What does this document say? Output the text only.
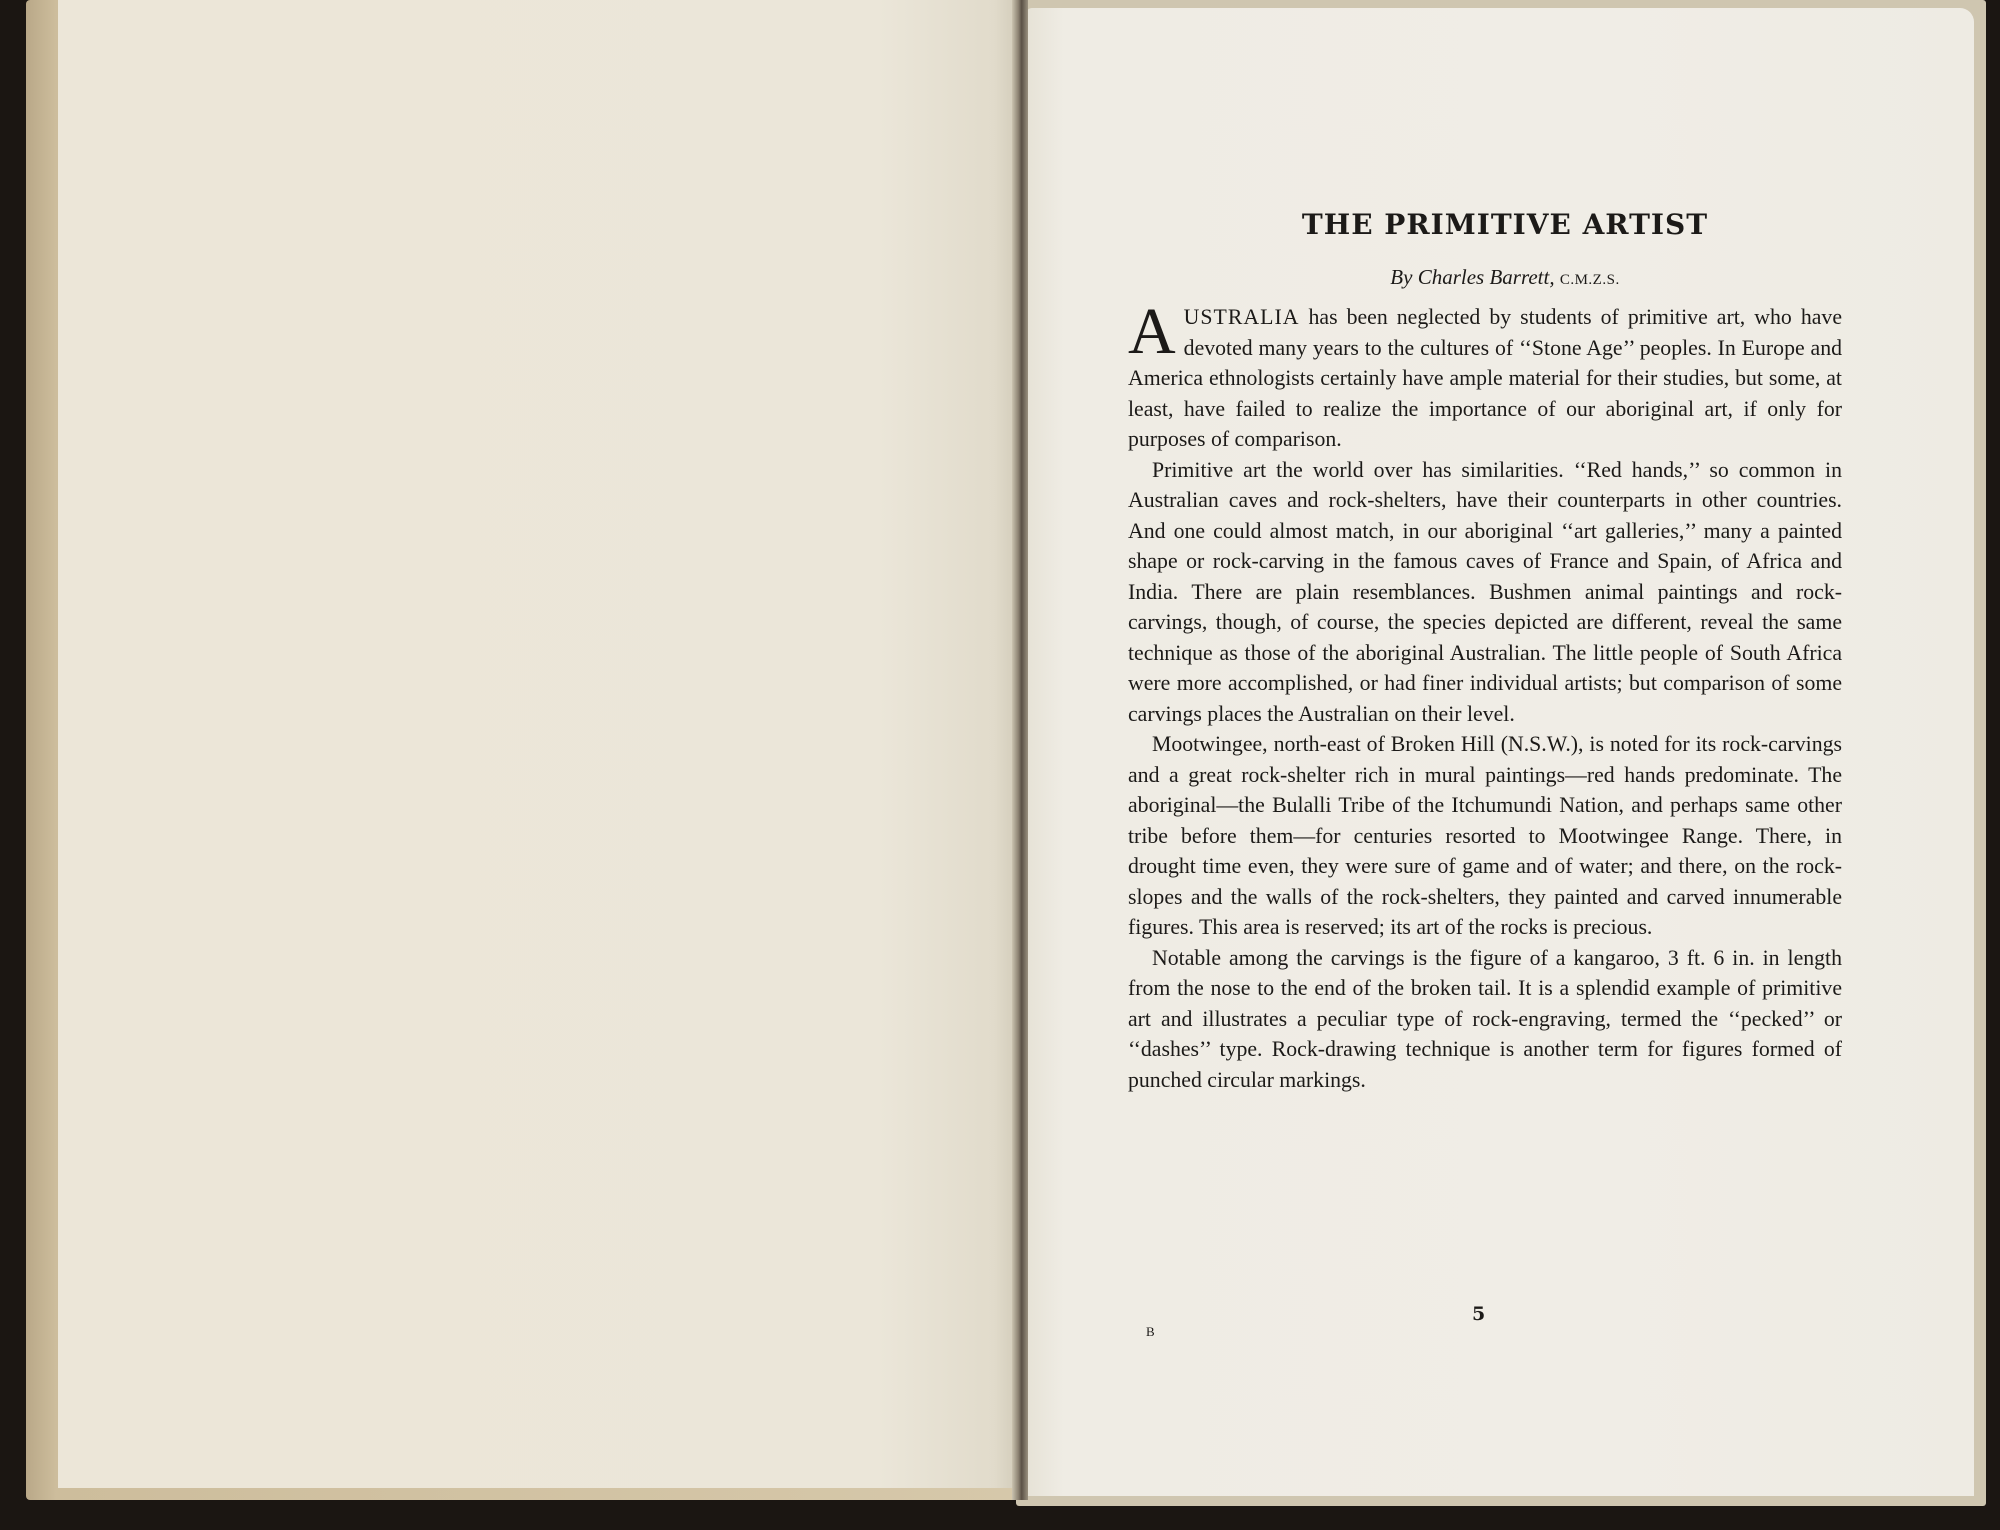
THE PRIMITIVE ARTIST
By Charles Barrett, C.M.Z.S.

AUSTRALIA has been neglected by students of primitive art, who have devoted many years to the cultures of ‘‘Stone Age’’ peoples. In Europe and America ethnologists certainly have ample material for their studies, but some, at least, have failed to realize the importance of our aboriginal art, if only for purposes of comparison.

Primitive art the world over has similarities. ‘‘Red hands,’’ so common in Australian caves and rock-shelters, have their counterparts in other countries. And one could almost match, in our aboriginal ‘‘art galleries,’’ many a painted shape or rock-carving in the famous caves of France and Spain, of Africa and India. There are plain resemblances. Bushmen animal paintings and rock-carvings, though, of course, the species depicted are different, reveal the same technique as those of the aboriginal Australian. The little people of South Africa were more accomplished, or had finer individual artists; but comparison of some carvings places the Australian on their level.

Mootwingee, north-east of Broken Hill (N.S.W.), is noted for its rock-carvings and a great rock-shelter rich in mural paintings—red hands predominate. The aboriginal—the Bulalli Tribe of the Itchumundi Nation, and perhaps same other tribe before them—for centuries resorted to Mootwingee Range. There, in drought time even, they were sure of game and of water; and there, on the rock-slopes and the walls of the rock-shelters, they painted and carved innumerable figures. This area is reserved; its art of the rocks is precious.

Notable among the carvings is the figure of a kangaroo, 3 ft. 6 in. in length from the nose to the end of the broken tail. It is a splendid example of primitive art and illustrates a peculiar type of rock-engraving, termed the ‘‘pecked’’ or ‘‘dashes’’ type. Rock-drawing technique is another term for figures formed of punched circular markings.

5
B
